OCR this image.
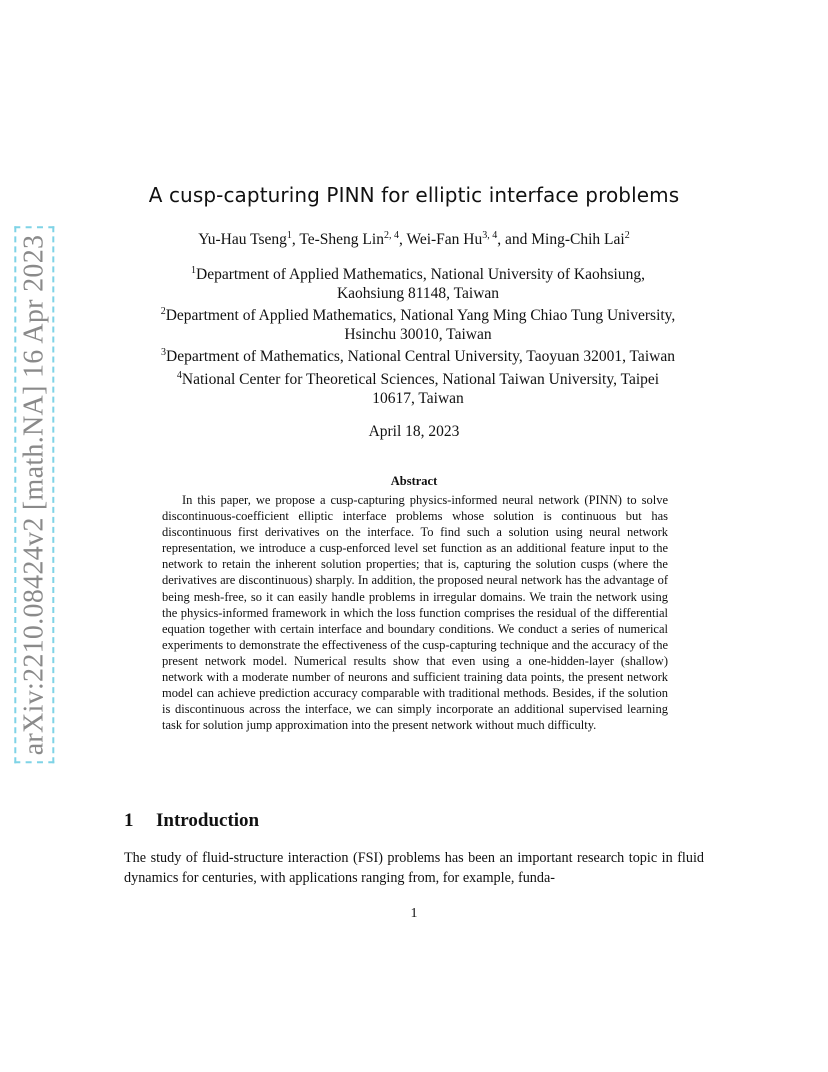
arXiv:2210.08424v2 [math.NA] 16 Apr 2023
A cusp-capturing PINN for elliptic interface problems
Yu-Hau Tseng$^1$, Te-Sheng Lin$^{2, 4}$, Wei-Fan Hu$^{3, 4}$, and Ming-Chih Lai$^2$
$^1$Department of Applied Mathematics, National University of Kaohsiung,
Kaohsiung 81148, Taiwan
$^2$Department of Applied Mathematics, National Yang Ming Chiao Tung University,
Hsinchu 30010, Taiwan
$^3$Department of Mathematics, National Central University, Taoyuan 32001, Taiwan
$^4$National Center for Theoretical Sciences, National Taiwan University, Taipei
10617, Taiwan
April 18, 2023
Abstract
In this paper, we propose a cusp-capturing physics-informed neural network (PINN) to solve discontinuous-coefficient elliptic interface problems whose solution is continuous but has discontinuous first derivatives on the interface. To find such a solution using neural network representation, we introduce a cusp-enforced level set function as an additional feature input to the network to retain the inherent solution properties; that is, capturing the solution cusps (where the derivatives are discontinuous) sharply. In addition, the proposed neural network has the advantage of being mesh-free, so it can easily handle problems in irregular domains. We train the network using the physics-informed framework in which the loss function comprises the residual of the differential equation together with certain interface and boundary conditions. We conduct a series of numerical experiments to demonstrate the effectiveness of the cusp-capturing technique and the accuracy of the present network model. Numerical results show that even using a one-hidden-layer (shallow) network with a moderate number of neurons and sufficient training data points, the present network model can achieve prediction accuracy comparable with traditional methods. Besides, if the solution is discontinuous across the interface, we can simply incorporate an additional supervised learning task for solution jump approximation into the present network without much difficulty.
1 Introduction
The study of fluid-structure interaction (FSI) problems has been an important research topic in fluid dynamics for centuries, with applications ranging from, for example, funda-
1
